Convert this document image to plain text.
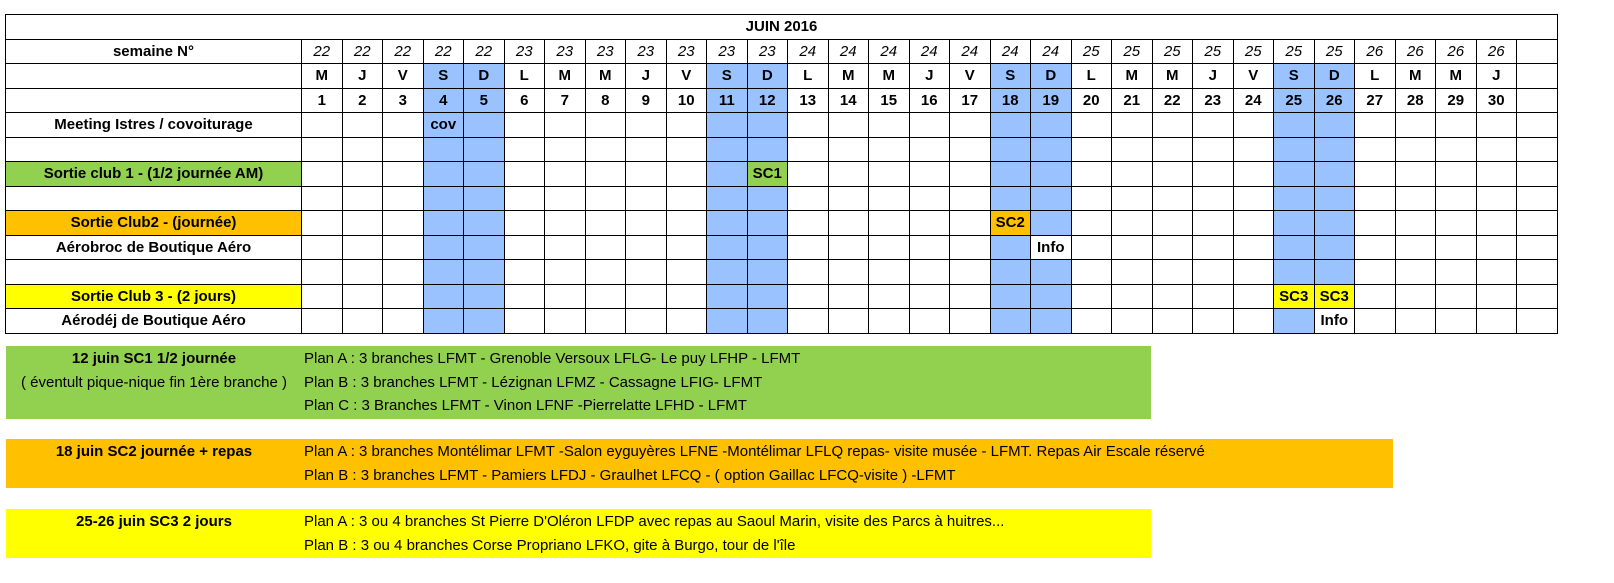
JUIN 2016																															
semaine N°	22	22	22	22	22	23	23	23	23	23	23	23	24	24	24	24	24	24	24	25	25	25	25	25	25	25	26	26	26	26	
	M	J	V	S	D	L	M	M	J	V	S	D	L	M	M	J	V	S	D	L	M	M	J	V	S	D	L	M	M	J	
	1	2	3	4	5	6	7	8	9	10	11	12	13	14	15	16	17	18	19	20	21	22	23	24	25	26	27	28	29	30	
Meeting Istres / covoiturage				cov																											

Sortie club 1 - (1/2 journée AM)												SC1																			

Sortie Club2 - (journée)																		SC2													
Aérobroc de Boutique Aéro																			Info												

Sortie Club 3 - (2 jours)																									SC3	SC3					
Aérodéj de Boutique Aéro																										Info					
12 juin SC1 1/2 journée
( éventult pique-nique fin 1ère branche )
Plan A : 3 branches LFMT - Grenoble Versoux LFLG- Le puy LFHP - LFMT
Plan B : 3 branches LFMT - Lézignan LFMZ - Cassagne LFIG- LFMT
Plan C : 3 Branches LFMT - Vinon LFNF -Pierrelatte LFHD - LFMT
18 juin SC2 journée + repas	Plan A : 3 branches Montélimar LFMT -Salon eyguyères LFNE -Montélimar LFLQ repas- visite musée - LFMT. Repas Air Escale réservé
Plan B : 3 branches LFMT - Pamiers LFDJ - Graulhet LFCQ - ( option Gaillac LFCQ-visite ) -LFMT
25-26 juin SC3 2 jours	Plan A : 3 ou 4 branches St Pierre D'Oléron LFDP avec repas au Saoul Marin, visite des Parcs à huitres...
Plan B : 3 ou 4 branches Corse Propriano LFKO, gite à Burgo, tour de l'île
